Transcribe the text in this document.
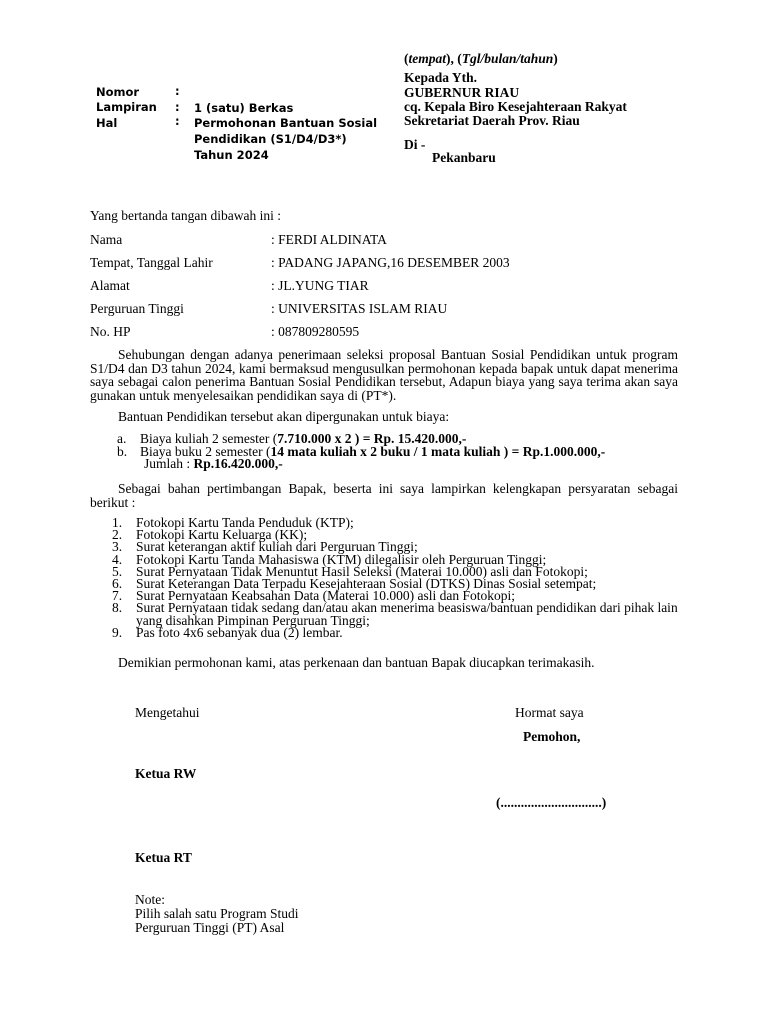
(tempat), (Tgl/bulan/tahun)
Nomor	:
Lampiran : 1 (satu) Berkas
Hal	: Permohonan Bantuan Sosial Pendidikan (S1/D4/D3*) Tahun 2024
Kepada Yth.
GUBERNUR RIAU
cq. Kepala Biro Kesejahteraan Rakyat
Sekretariat Daerah Prov. Riau
Di -
Pekanbaru
Yang bertanda tangan dibawah ini :
Nama	: FERDI ALDINATA
Tempat, Tanggal Lahir	: PADANG JAPANG,16 DESEMBER 2003
Alamat	: JL.YUNG TIAR
Perguruan Tinggi	: UNIVERSITAS ISLAM RIAU
No. HP	: 087809280595
Sehubungan dengan adanya penerimaan seleksi proposal Bantuan Sosial Pendidikan untuk program S1/D4 dan D3 tahun 2024, kami bermaksud mengusulkan permohonan kepada bapak untuk dapat menerima saya sebagai calon penerima Bantuan Sosial Pendidikan tersebut, Adapun biaya yang saya terima akan saya gunakan untuk menyelesaikan pendidikan saya di (PT*).
Bantuan Pendidikan tersebut akan dipergunakan untuk biaya:
a. Biaya kuliah 2 semester (7.710.000 x 2 ) = Rp. 15.420.000,-
b. Biaya buku 2 semester (14 mata kuliah x 2 buku / 1 mata kuliah ) = Rp.1.000.000,-
Jumlah : Rp.16.420.000,-
Sebagai bahan pertimbangan Bapak, beserta ini saya lampirkan kelengkapan persyaratan sebagai berikut :
1. Fotokopi Kartu Tanda Penduduk (KTP);
2. Fotokopi Kartu Keluarga (KK);
3. Surat keterangan aktif kuliah dari Perguruan Tinggi;
4. Fotokopi Kartu Tanda Mahasiswa (KTM) dilegalisir oleh Perguruan Tinggi;
5. Surat Pernyataan Tidak Menuntut Hasil Seleksi (Materai 10.000) asli dan Fotokopi;
6. Surat Keterangan Data Terpadu Kesejahteraan Sosial (DTKS) Dinas Sosial setempat;
7. Surat Pernyataan Keabsahan Data (Materai 10.000) asli dan Fotokopi;
8. Surat Pernyataan tidak sedang dan/atau akan menerima beasiswa/bantuan pendidikan dari pihak lain yang disahkan Pimpinan Perguruan Tinggi;
9. Pas foto 4x6 sebanyak dua (2) lembar.
Demikian permohonan kami, atas perkenaan dan bantuan Bapak diucapkan terimakasih.
Mengetahui	Hormat saya
Pemohon,
Ketua RW
(..............................)
Ketua RT
Note:
Pilih salah satu Program Studi
Perguruan Tinggi (PT) Asal
